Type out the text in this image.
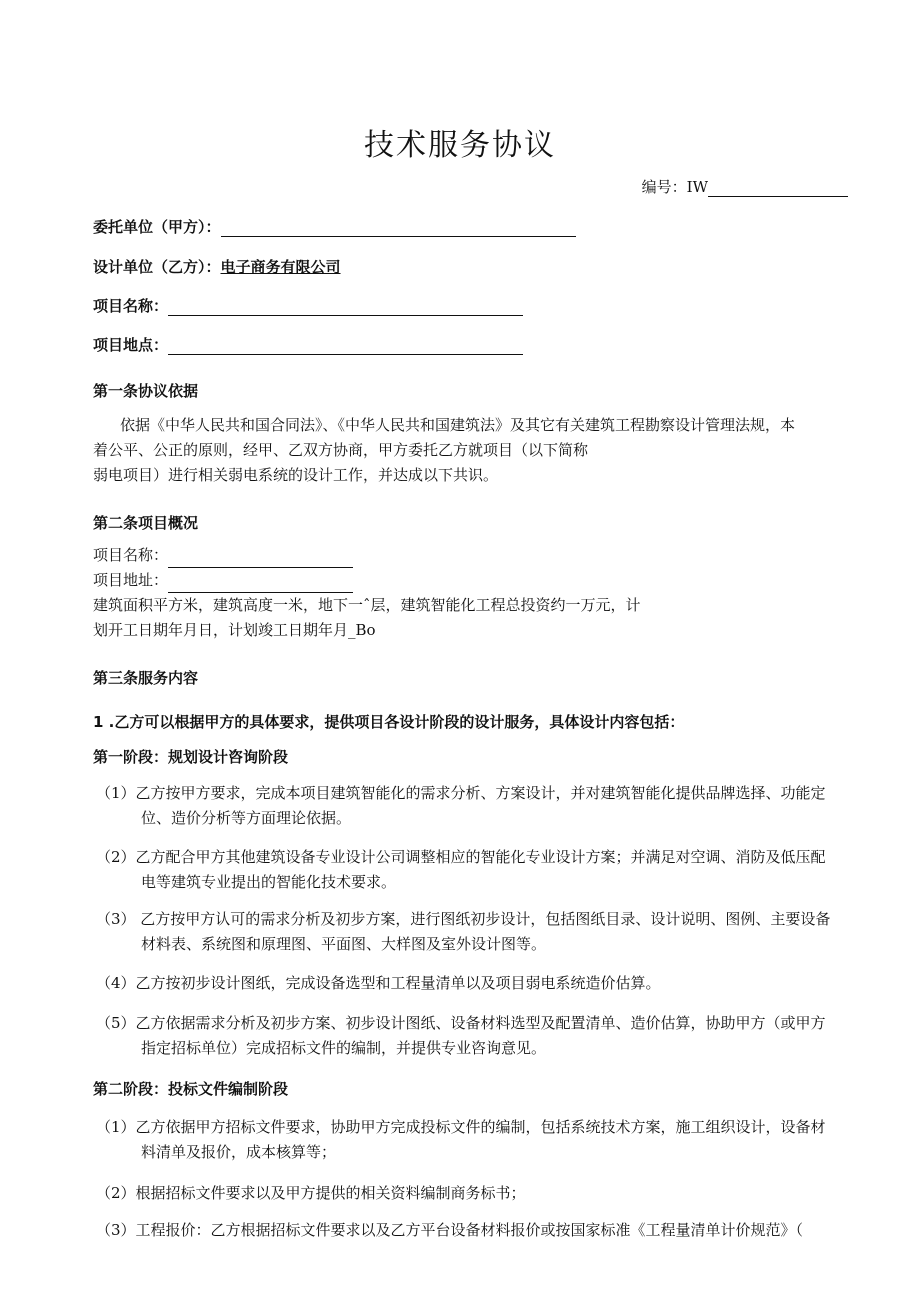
技术服务协议
编号：IW
委托单位（甲方）：
设计单位（乙方）：电子商务有限公司
项目名称：
项目地点：
第一条协议依据
依据《中华人民共和国合同法》、《中华人民共和国建筑法》及其它有关建筑工程勘察设计管理法规，本
着公平、公正的原则，经甲、乙双方协商，甲方委托乙方就项目（以下简称
弱电项目）进行相关弱电系统的设计工作，并达成以下共识。
第二条项目概况
项目名称：
项目地址：
建筑面积平方米，建筑高度一米，地下一ˆ层，建筑智能化工程总投资约一万元，计
划开工日期年月日，计划竣工日期年月_Bo
第三条服务内容
1 .乙方可以根据甲方的具体要求，提供项目各设计阶段的设计服务，具体设计内容包括：
第一阶段：规划设计咨询阶段
（1）乙方按甲方要求，完成本项目建筑智能化的需求分析、方案设计，并对建筑智能化提供品牌选择、功能定
位、造价分析等方面理论依据。
（2）乙方配合甲方其他建筑设备专业设计公司调整相应的智能化专业设计方案；并满足对空调、消防及低压配
电等建筑专业提出的智能化技术要求。
（3） 乙方按甲方认可的需求分析及初步方案，进行图纸初步设计，包括图纸目录、设计说明、图例、主要设备
材料表、系统图和原理图、平面图、大样图及室外设计图等。
（4）乙方按初步设计图纸，完成设备选型和工程量清单以及项目弱电系统造价估算。
（5）乙方依据需求分析及初步方案、初步设计图纸、设备材料选型及配置清单、造价估算，协助甲方（或甲方
指定招标单位）完成招标文件的编制，并提供专业咨询意见。
第二阶段：投标文件编制阶段
（1）乙方依据甲方招标文件要求，协助甲方完成投标文件的编制，包括系统技术方案，施工组织设计，设备材
料清单及报价，成本核算等；
（2）根据招标文件要求以及甲方提供的相关资料编制商务标书；
（3）工程报价：乙方根据招标文件要求以及乙方平台设备材料报价或按国家标准《工程量清单计价规范》（
